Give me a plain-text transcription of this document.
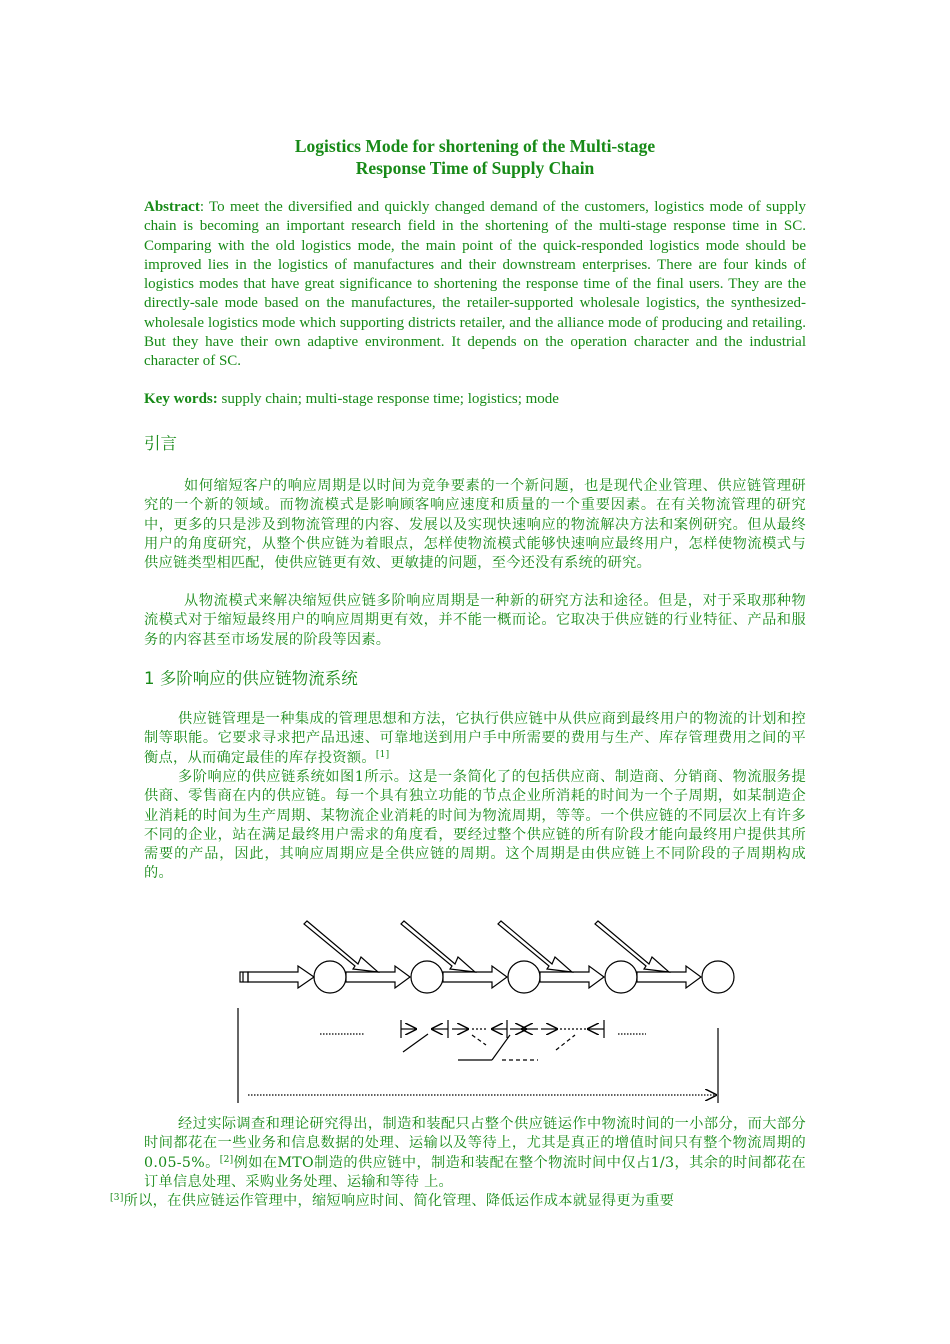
Logistics Mode for shortening of the Multi-stage
Response Time of Supply Chain
Abstract: To meet the diversified and quickly changed demand of the customers, logistics mode of supply chain is becoming an important research field in the shortening of the multi-stage response time in SC. Comparing with the old logistics mode, the main point of the quick-responded logistics mode should be improved lies in the logistics of manufactures and their downstream enterprises. There are four kinds of logistics modes that have great significance to shortening the response time of the final users. They are the directly-sale mode based on the manufactures, the retailer-supported wholesale logistics, the synthesized-wholesale logistics mode which supporting districts retailer, and the alliance mode of producing and retailing. But they have their own adaptive environment. It depends on the operation character and the industrial character of SC.
Key words: supply chain; multi-stage response time; logistics; mode
引言
如何缩短客户的响应周期是以时间为竞争要素的一个新问题，也是现代企业管理、供应链管理研究的一个新的领域。而物流模式是影响顾客响应速度和质量的一个重要因素。在有关物流管理的研究中，更多的只是涉及到物流管理的内容、发展以及实现快速响应的物流解决方法和案例研究。但从最终用户的角度研究，从整个供应链为着眼点，怎样使物流模式能够快速响应最终用户，怎样使物流模式与供应链类型相匹配，使供应链更有效、更敏捷的问题，至今还没有系统的研究。
从物流模式来解决缩短供应链多阶响应周期是一种新的研究方法和途径。但是，对于采取那种物流模式对于缩短最终用户的响应周期更有效，并不能一概而论。它取决于供应链的行业特征、产品和服务的内容甚至市场发展的阶段等因素。
1 多阶响应的供应链物流系统
供应链管理是一种集成的管理思想和方法，它执行供应链中从供应商到最终用户的物流的计划和控制等职能。它要求寻求把产品迅速、可靠地送到用户手中所需要的费用与生产、库存管理费用之间的平衡点，从而确定最佳的库存投资额。[1]
多阶响应的供应链系统如图1所示。这是一条简化了的包括供应商、制造商、分销商、物流服务提供商、零售商在内的供应链。每一个具有独立功能的节点企业所消耗的时间为一个子周期，如某制造企业消耗的时间为生产周期、某物流企业消耗的时间为物流周期，等等。一个供应链的不同层次上有许多不同的企业，站在满足最终用户需求的角度看，要经过整个供应链的所有阶段才能向最终用户提供其所需要的产品，因此，其响应周期应是全供应链的周期。这个周期是由供应链上不同阶段的子周期构成的。
经过实际调查和理论研究得出，制造和装配只占整个供应链运作中物流时间的一小部分，而大部分时间都花在一些业务和信息数据的处理、运输以及等待上，尤其是真正的增值时间只有整个物流周期的0.05-5%。[2]例如在MTO制造的供应链中，制造和装配在整个物流时间中仅占1/3，其余的时间都花在订单信息处理、采购业务处理、运输和等待 上。
[3]所以，在供应链运作管理中，缩短响应时间、简化管理、降低运作成本就显得更为重要
